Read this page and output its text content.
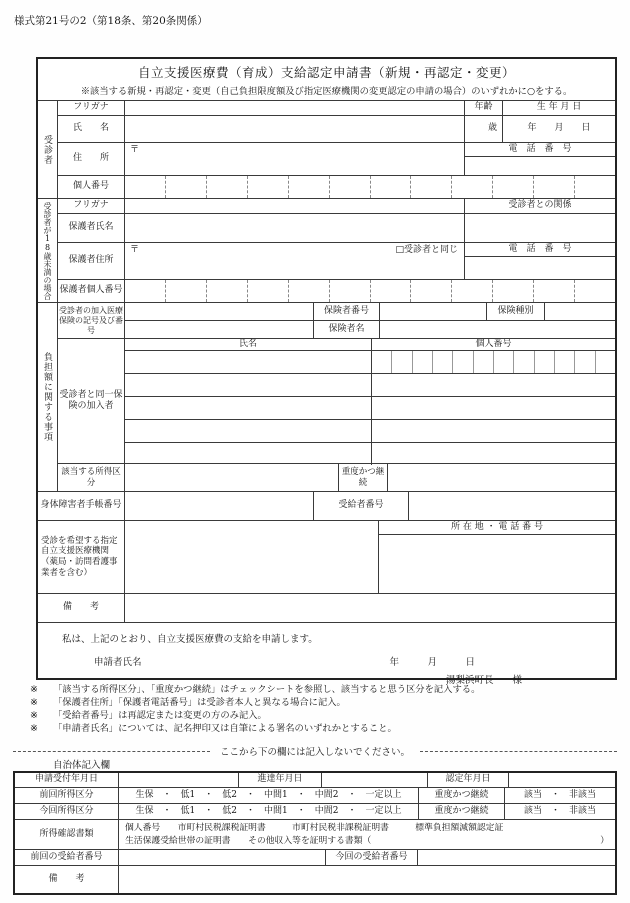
様式第21号の2（第18条、第20条関係）
自立支援医療費（育成）支給認定申請書（新規・再認定・変更）
※該当する新規・再認定・変更（自己負担限度額及び指定医療機関の変更認定の申請の場合）のいずれかに○をする。
受診者
フリガナ	年齢	生 年 月 日
氏　　名	歳	年　　月　　日
住　　所
〒	電　話　番　号
個人番号
受診者が18歳未満の場合	フリガナ	受診者との関係
保護者氏名
保護者住所
〒	□受診者と同じ	電　話　番　号
保護者個人番号
負担額に関する事項
受診者の加入医療保険の記号及び番号
保険者番号	保険種別
保険者名
受診者と同一保険の加入者
氏名	個人番号
該当する所得区分
重度かつ継続
身体障害者手帳番号	受給者番号
受診を希望する指定自立支援医療機関（薬局・訪問看護事業者を含む）
所 在 地 ・ 電 話 番 号
備　　考
私は、上記のとおり、自立支援医療費の支給を申請します。
申請者氏名	年　　　月　　　日
湯梨浜町長　　様
※	「該当する所得区分」、「重度かつ継続」はチェックシートを参照し、該当すると思う区分を記入する。
※	「保護者住所」「保護者電話番号」は受診者本人と異なる場合に記入。
※	「受給者番号」は再認定または変更の方のみ記入。
※	「申請者氏名」については、記名押印又は自筆による署名のいずれかとすること。
ここから下の欄には記入しないでください。
自治体記入欄
申請受付年月日	進達年月日	認定年月日
前回所得区分	生保　・　低1　・　低2　・　中間1　・　中間2　・　一定以上	重度かつ継続	該当　・　非該当
今回所得区分	生保　・　低1　・　低2　・　中間1　・　中間2　・　一定以上	重度かつ継続	該当　・　非該当
所得確認書類
個人番号　　市町村民税課税証明書　　　市町村民税非課税証明書　　　標準負担額減額認定証
生活保護受給世帯の証明書　　その他収入等を証明する書類（	）
前回の受給者番号	今回の受給者番号
備　　考
